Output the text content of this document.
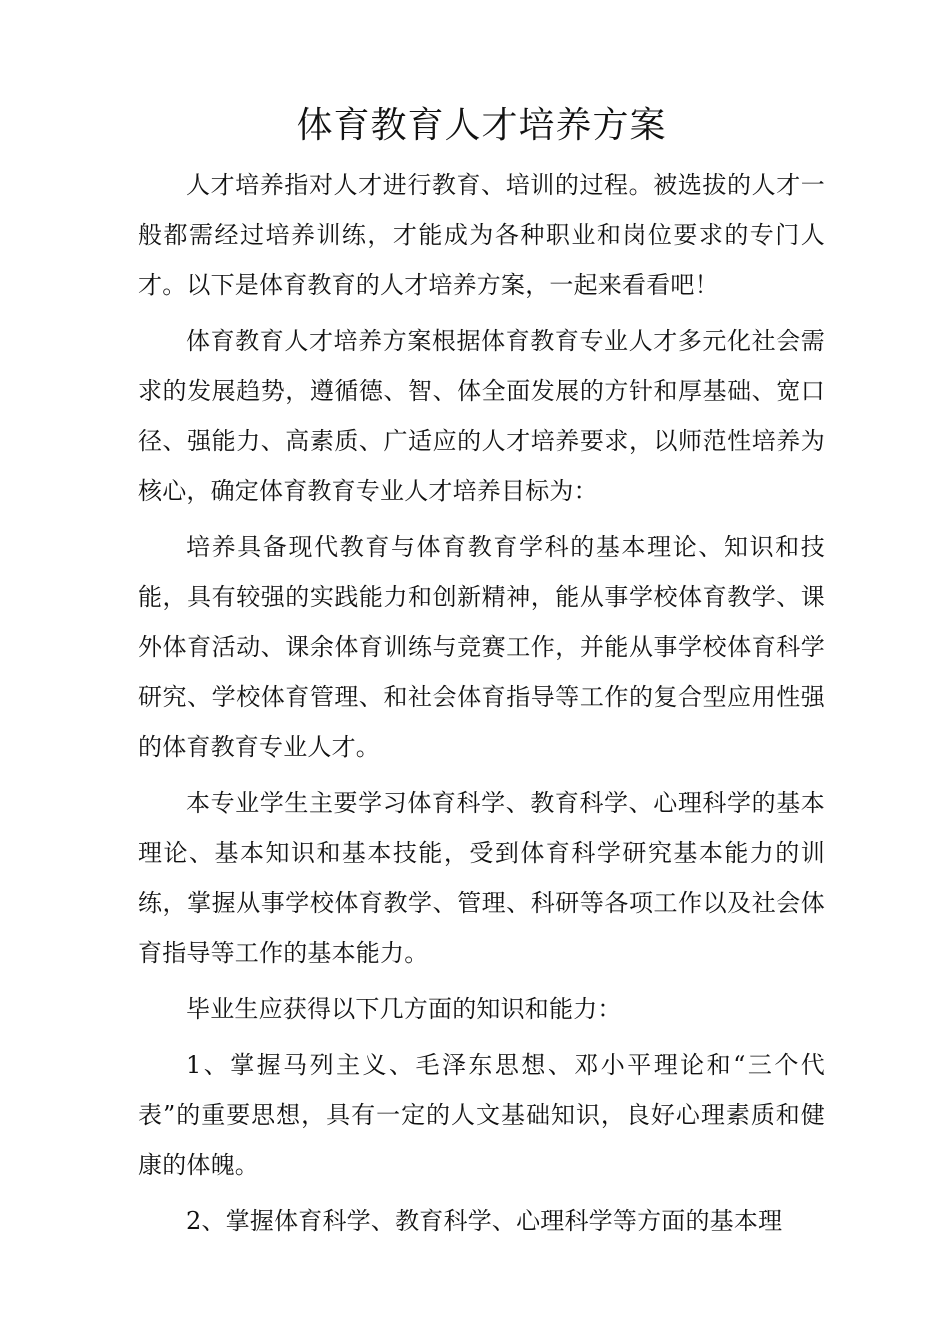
体育教育人才培养方案

人才培养指对人才进行教育、培训的过程。被选拔的人才一般都需经过培养训练，才能成为各种职业和岗位要求的专门人才。以下是体育教育的人才培养方案，一起来看看吧！

体育教育人才培养方案根据体育教育专业人才多元化社会需求的发展趋势，遵循德、智、体全面发展的方针和厚基础、宽口径、强能力、高素质、广适应的人才培养要求，以师范性培养为核心，确定体育教育专业人才培养目标为：

培养具备现代教育与体育教育学科的基本理论、知识和技能，具有较强的实践能力和创新精神，能从事学校体育教学、课外体育活动、课余体育训练与竞赛工作，并能从事学校体育科学研究、学校体育管理、和社会体育指导等工作的复合型应用性强的体育教育专业人才。

本专业学生主要学习体育科学、教育科学、心理科学的基本理论、基本知识和基本技能，受到体育科学研究基本能力的训练，掌握从事学校体育教学、管理、科研等各项工作以及社会体育指导等工作的基本能力。

毕业生应获得以下几方面的知识和能力：

1、掌握马列主义、毛泽东思想、邓小平理论和“三个代表”的重要思想，具有一定的人文基础知识，良好心理素质和健康的体魄。

2、掌握体育科学、教育科学、心理科学等方面的基本理
